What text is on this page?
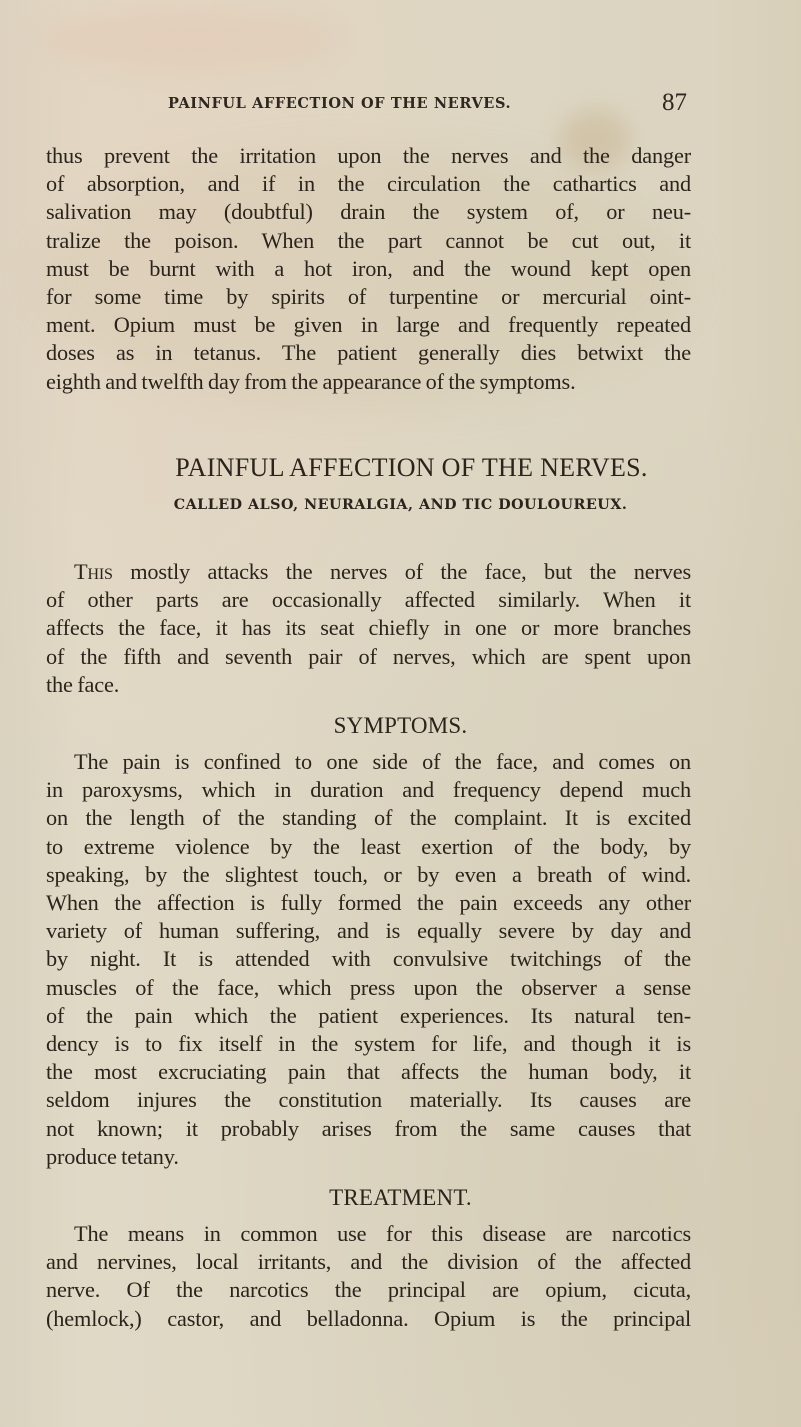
PAINFUL AFFECTION OF THE NERVES.	87
thus prevent the irritation upon the nerves and the danger
of absorption, and if in the circulation the cathartics and
salivation may (doubtful) drain the system of, or neu-
tralize the poison. When the part cannot be cut out, it
must be burnt with a hot iron, and the wound kept open
for some time by spirits of turpentine or mercurial oint-
ment. Opium must be given in large and frequently repeated
doses as in tetanus. The patient generally dies betwixt the
eighth and twelfth day from the appearance of the symptoms.
PAINFUL AFFECTION OF THE NERVES.
CALLED ALSO, NEURALGIA, AND TIC DOULOUREUX.
This mostly attacks the nerves of the face, but the nerves
of other parts are occasionally affected similarly. When it
affects the face, it has its seat chiefly in one or more branches
of the fifth and seventh pair of nerves, which are spent upon
the face.
SYMPTOMS.
The pain is confined to one side of the face, and comes on
in paroxysms, which in duration and frequency depend much
on the length of the standing of the complaint. It is excited
to extreme violence by the least exertion of the body, by
speaking, by the slightest touch, or by even a breath of wind.
When the affection is fully formed the pain exceeds any other
variety of human suffering, and is equally severe by day and
by night. It is attended with convulsive twitchings of the
muscles of the face, which press upon the observer a sense
of the pain which the patient experiences. Its natural ten-
dency is to fix itself in the system for life, and though it is
the most excruciating pain that affects the human body, it
seldom injures the constitution materially. Its causes are
not known; it probably arises from the same causes that
produce tetany.
TREATMENT.
The means in common use for this disease are narcotics
and nervines, local irritants, and the division of the affected
nerve. Of the narcotics the principal are opium, cicuta,
(hemlock,) castor, and belladonna. Opium is the principal
